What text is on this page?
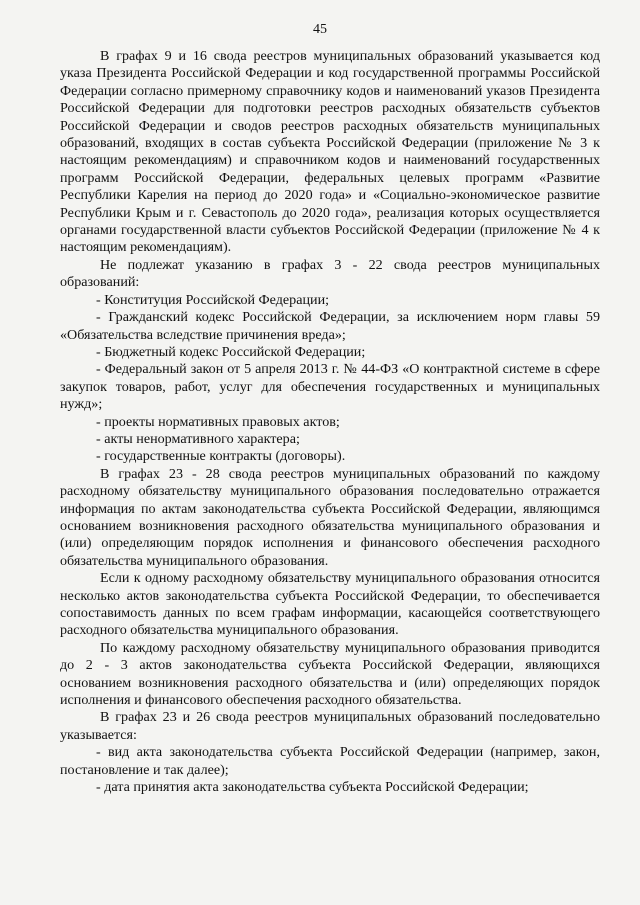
45

В графах 9 и 16 свода реестров муниципальных образований указывается код указа Президента Российской Федерации и код государственной программы Российской Федерации согласно примерному справочнику кодов и наименований указов Президента Российской Федерации для подготовки реестров расходных обязательств субъектов Российской Федерации и сводов реестров расходных обязательств муниципальных образований, входящих в состав субъекта Российской Федерации (приложение № 3 к настоящим рекомендациям) и справочником кодов и наименований государственных программ Российской Федерации, федеральных целевых программ «Развитие Республики Карелия на период до 2020 года» и «Социально-экономическое развитие Республики Крым и г. Севастополь до 2020 года», реализация которых осуществляется органами государственной власти субъектов Российской Федерации (приложение № 4 к настоящим рекомендациям).

Не подлежат указанию в графах 3 - 22 свода реестров муниципальных образований:

- Конституция Российской Федерации;

- Гражданский кодекс Российской Федерации, за исключением норм главы 59 «Обязательства вследствие причинения вреда»;

- Бюджетный кодекс Российской Федерации;

- Федеральный закон от 5 апреля 2013 г. № 44-ФЗ «О контрактной системе в сфере закупок товаров, работ, услуг для обеспечения государственных и муниципальных нужд»;

- проекты нормативных правовых актов;

- акты ненормативного характера;

- государственные контракты (договоры).

В графах 23 - 28 свода реестров муниципальных образований по каждому расходному обязательству муниципального образования последовательно отражается информация по актам законодательства субъекта Российской Федерации, являющимся основанием возникновения расходного обязательства муниципального образования и (или) определяющим порядок исполнения и финансового обеспечения расходного обязательства муниципального образования.

Если к одному расходному обязательству муниципального образования относится несколько актов законодательства субъекта Российской Федерации, то обеспечивается сопоставимость данных по всем графам информации, касающейся соответствующего расходного обязательства муниципального образования.

По каждому расходному обязательству муниципального образования приводится до 2 - 3 актов законодательства субъекта Российской Федерации, являющихся основанием возникновения расходного обязательства и (или) определяющих порядок исполнения и финансового обеспечения расходного обязательства.

В графах 23 и 26 свода реестров муниципальных образований последовательно указывается:

- вид акта законодательства субъекта Российской Федерации (например, закон, постановление и так далее);

- дата принятия акта законодательства субъекта Российской Федерации;
